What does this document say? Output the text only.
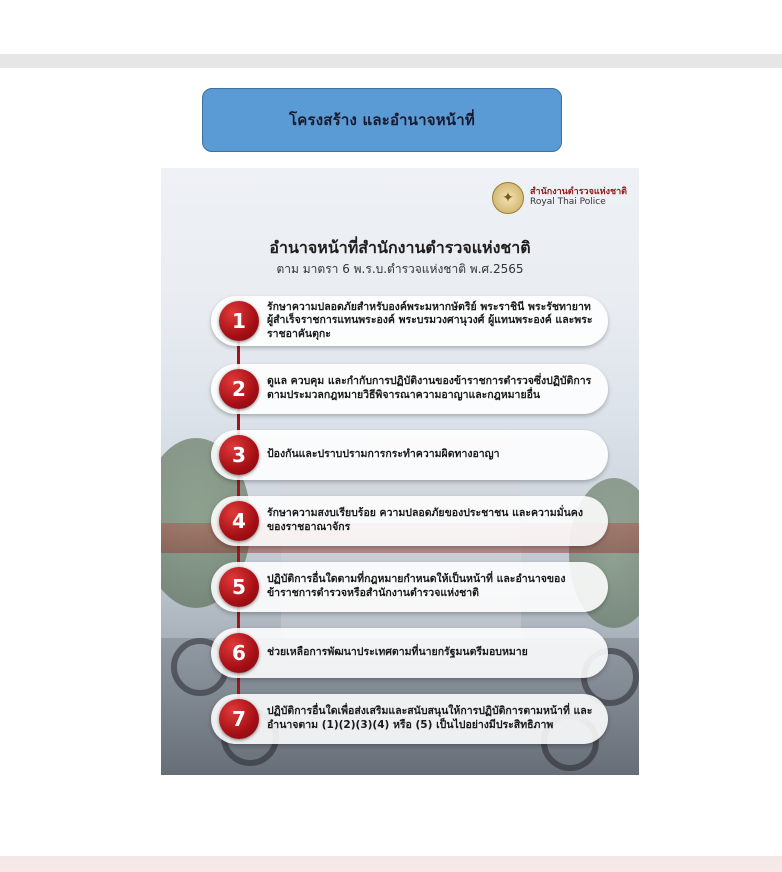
โครงสร้าง และอำนาจหน้าที่
✦	สำนักงานตำรวจแห่งชาติ
Royal Thai Police
อำนาจหน้าที่สำนักงานตำรวจแห่งชาติ
ตาม มาตรา 6 พ.ร.บ.ตำรวจแห่งชาติ พ.ศ.2565
1
รักษาความปลอดภัยสำหรับองค์พระมหากษัตริย์ พระราชินี พระรัชทายาท ผู้สำเร็จราชการแทนพระองค์ พระบรมวงศานุวงศ์ ผู้แทนพระองค์ และพระราชอาคันตุกะ
2	ดูแล ควบคุม และกำกับการปฏิบัติงานของข้าราชการตำรวจซึ่งปฏิบัติการตามประมวลกฎหมายวิธีพิจารณาความอาญาและกฎหมายอื่น
3	ป้องกันและปราบปรามการกระทำความผิดทางอาญา
4	รักษาความสงบเรียบร้อย ความปลอดภัยของประชาชน และความมั่นคงของราชอาณาจักร
5	ปฏิบัติการอื่นใดตามที่กฎหมายกำหนดให้เป็นหน้าที่ และอำนาจของข้าราชการตำรวจหรือสำนักงานตำรวจแห่งชาติ
6	ช่วยเหลือการพัฒนาประเทศตามที่นายกรัฐมนตรีมอบหมาย
7	ปฏิบัติการอื่นใดเพื่อส่งเสริมและสนับสนุนให้การปฏิบัติการตามหน้าที่ และอำนาจตาม (1)(2)(3)(4) หรือ (5) เป็นไปอย่างมีประสิทธิภาพ
